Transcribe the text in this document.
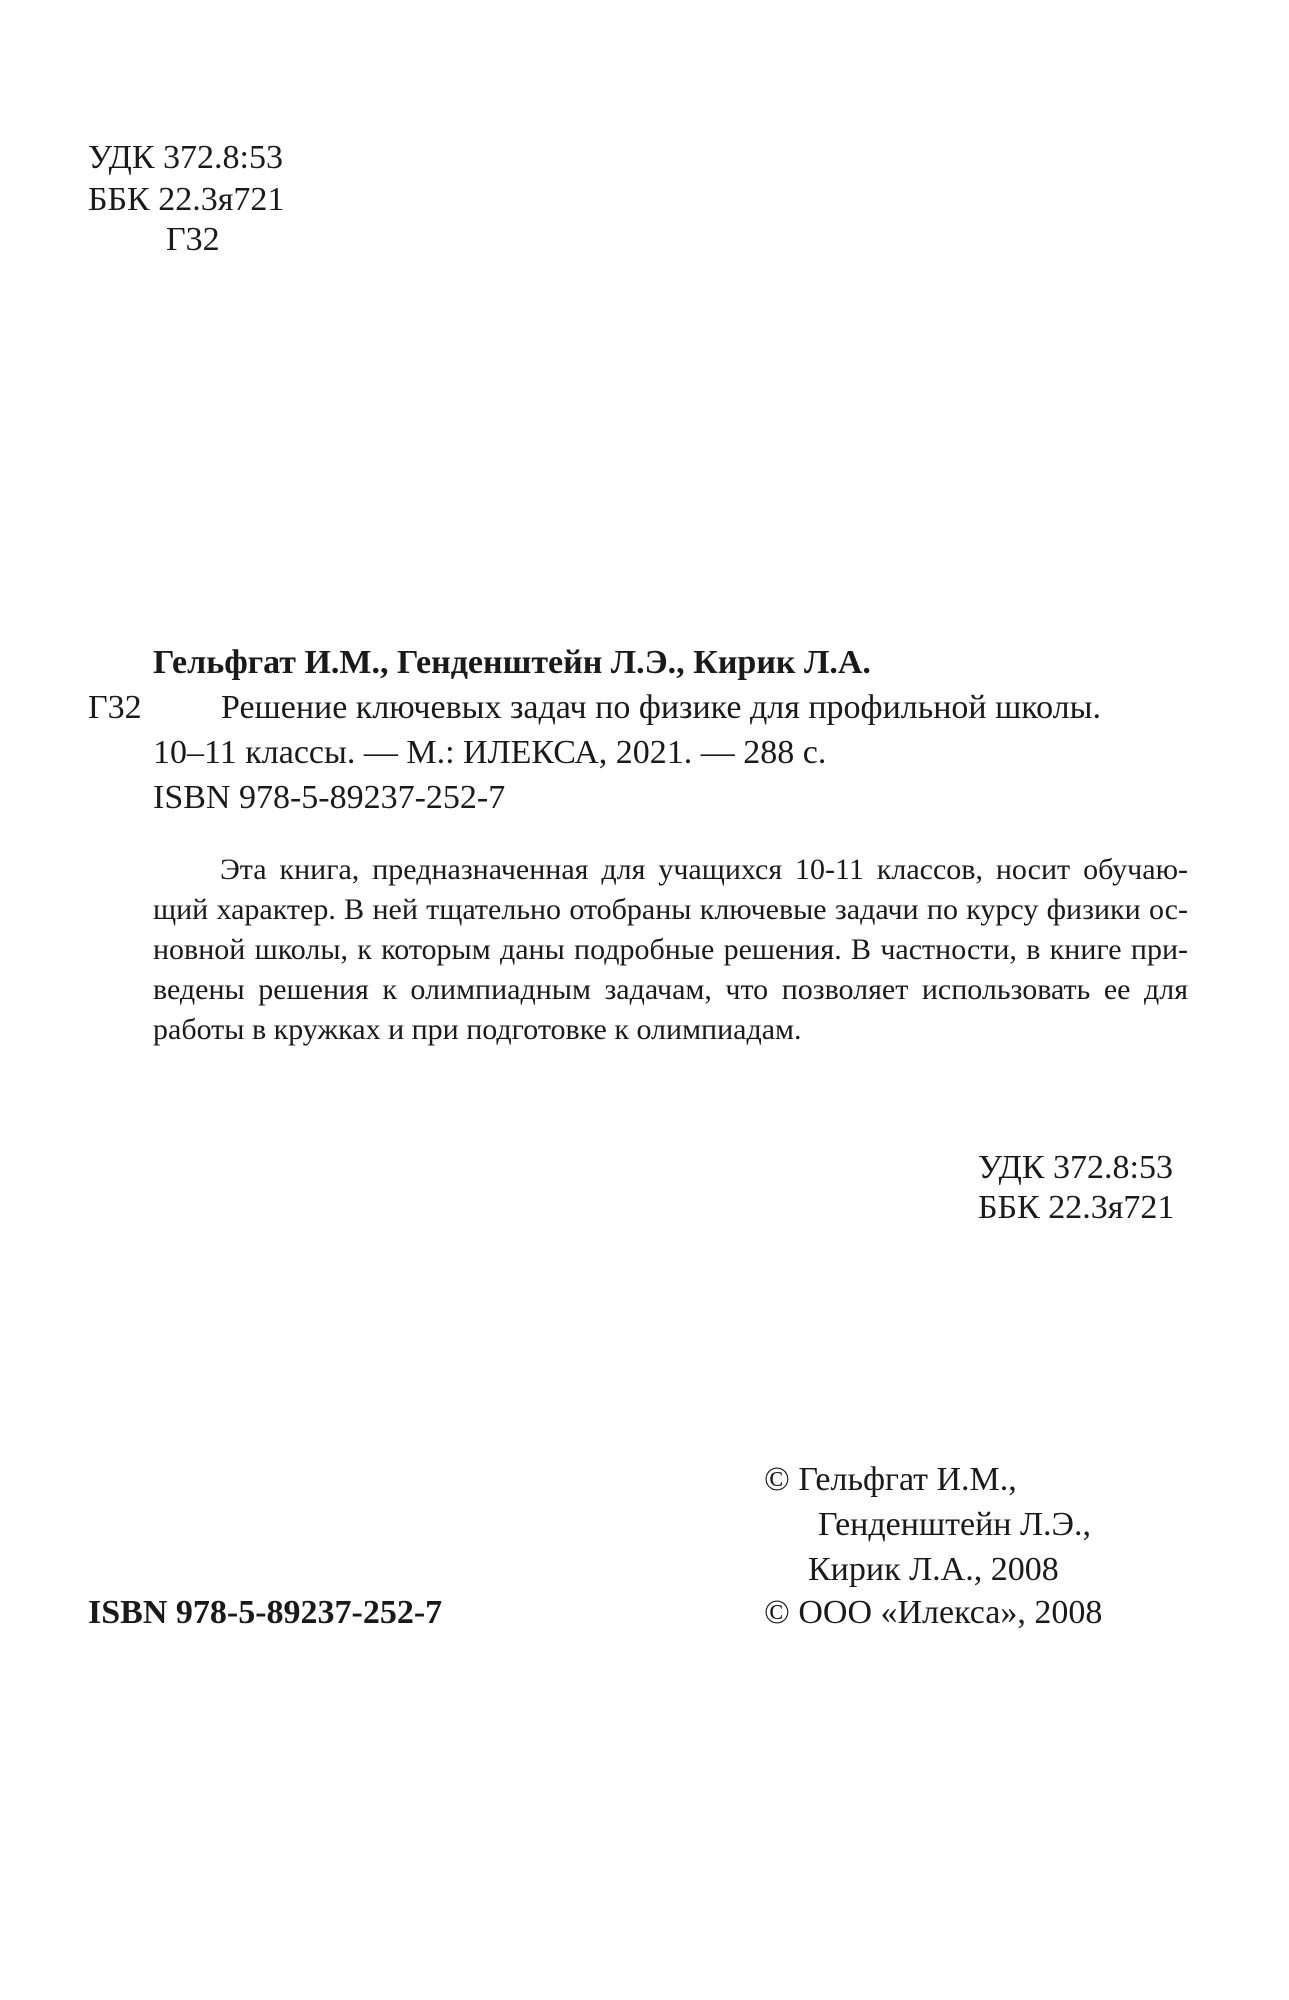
УДК 372.8:53
ББК 22.3я721
Г32
Гельфгат И.М., Генденштейн Л.Э., Кирик Л.А.
Г32 Решение ключевых задач по физике для профильной школы.
10–11 классы. — М.: ИЛЕКСА, 2021. — 288 с.
ISBN 978-5-89237-252-7
Эта книга, предназначенная для учащихся 10-11 классов, носит обучаю-
щий характер. В ней тщательно отобраны ключевые задачи по курсу физики ос-
новной школы, к которым даны подробные решения. В частности, в книге при-
ведены решения к олимпиадным задачам, что позволяет использовать ее для
работы в кружках и при подготовке к олимпиадам.
УДК 372.8:53
ББК 22.3я721
© Гельфгат И.М.,
Генденштейн Л.Э.,
Кирик Л.А., 2008
ISBN 978-5-89237-252-7	© ООО «Илекса», 2008
